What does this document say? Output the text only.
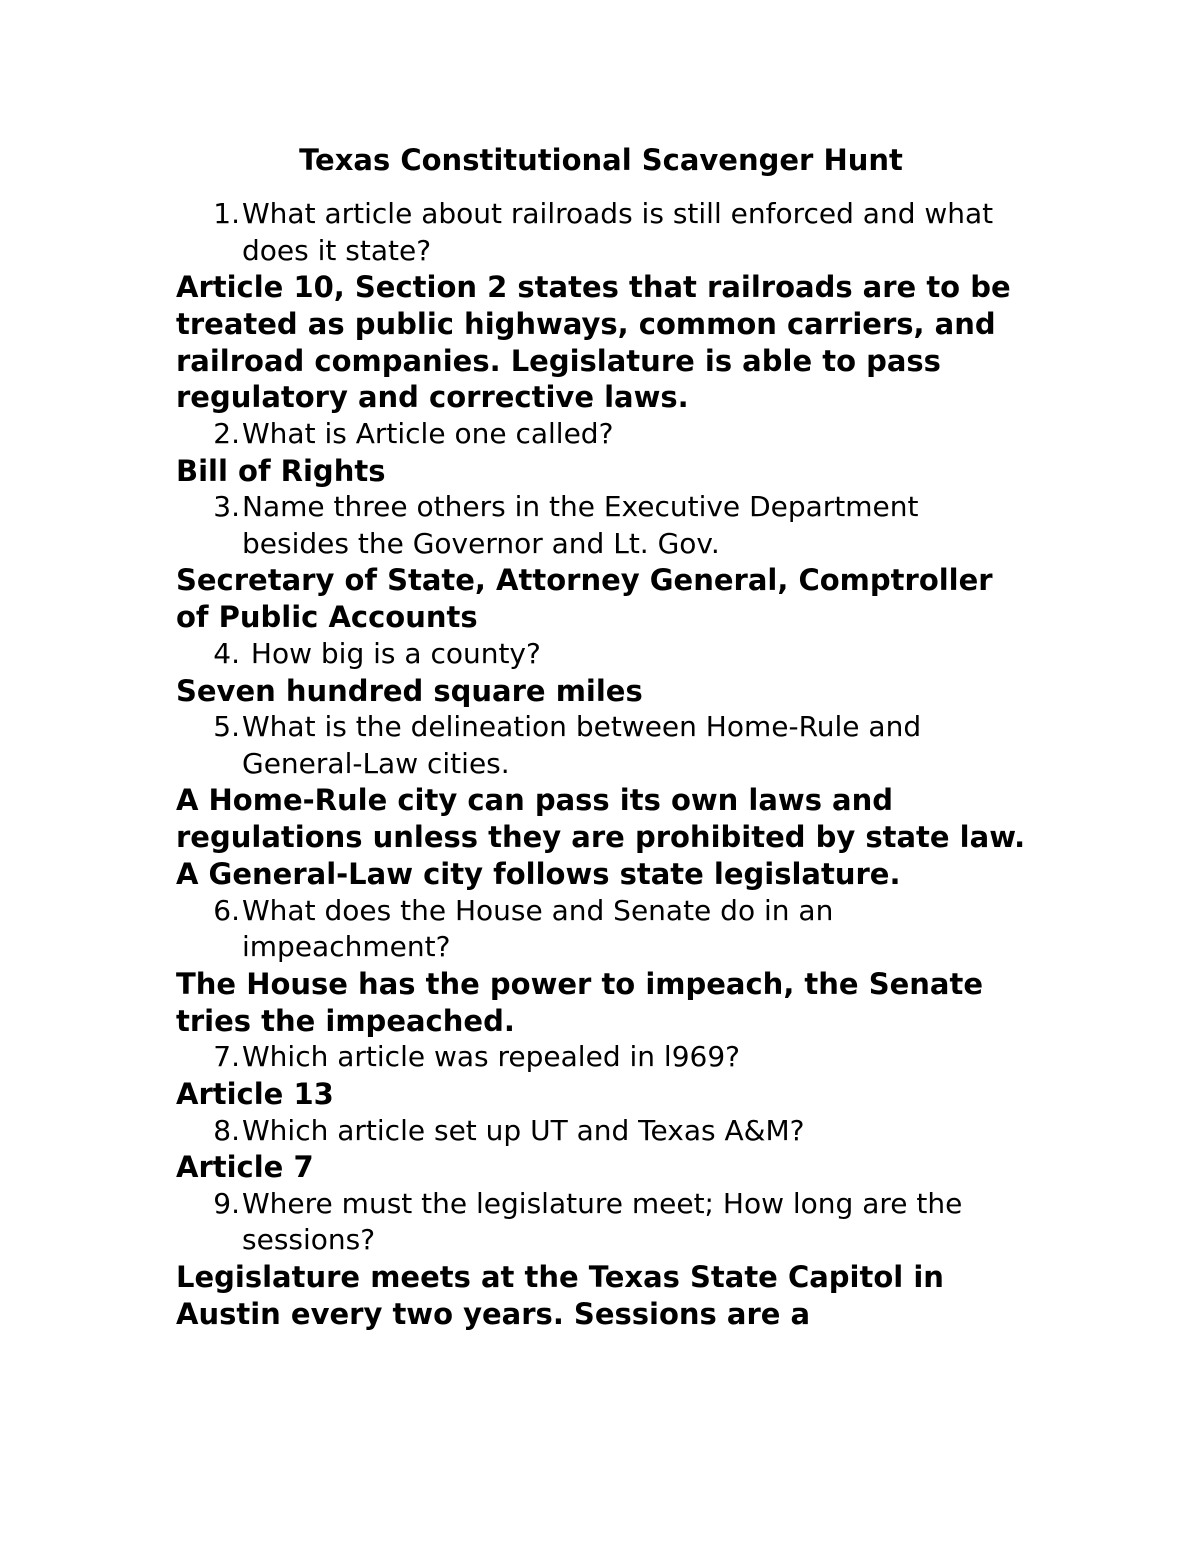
Texas Constitutional Scavenger Hunt
1. What article about railroads is still enforced and what does it state?
Article 10, Section 2 states that railroads are to be treated as public highways, common carriers, and railroad companies. Legislature is able to pass regulatory and corrective laws.
2. What is Article one called?
Bill of Rights
3. Name three others in the Executive Department besides the Governor and Lt. Gov.
Secretary of State, Attorney General, Comptroller of Public Accounts
4. How big is a county?
Seven hundred square miles
5. What is the delineation between Home-Rule and General-Law cities.
A Home-Rule city can pass its own laws and regulations unless they are prohibited by state law. A General-Law city follows state legislature.
6. What does the House and Senate do in an impeachment?
The House has the power to impeach, the Senate tries the impeached.
7. Which article was repealed in l969?
Article 13
8. Which article set up UT and Texas A&M?
Article 7
9. Where must the legislature meet; How long are the sessions?
Legislature meets at the Texas State Capitol in Austin every two years. Sessions are a
